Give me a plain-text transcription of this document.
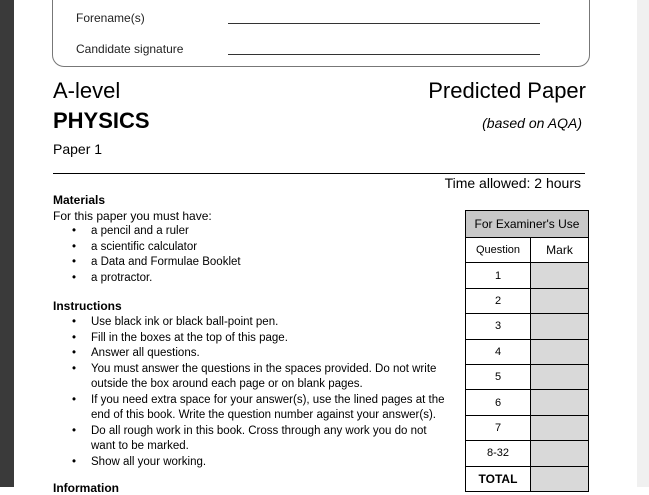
Forename(s)
Candidate signature
A-level
PHYSICS
Paper 1
Predicted Paper
(based on AQA)
Time allowed: 2 hours
Materials
For this paper you must have:
• a pencil and a ruler
• a scientific calculator
• a Data and Formulae Booklet
• a protractor.
Instructions
• Use black ink or black ball-point pen.
• Fill in the boxes at the top of this page.
• Answer all questions.
• You must answer the questions in the spaces provided. Do not write outside the box around each page or on blank pages.
• If you need extra space for your answer(s), use the lined pages at the end of this book. Write the question number against your answer(s).
• Do all rough work in this book. Cross through any work you do not want to be marked.
• Show all your working.
For Examiner's Use	
Question	Mark
1	
2	
3	
4	
5	
6	
7	
8-32	
TOTAL	
Information
